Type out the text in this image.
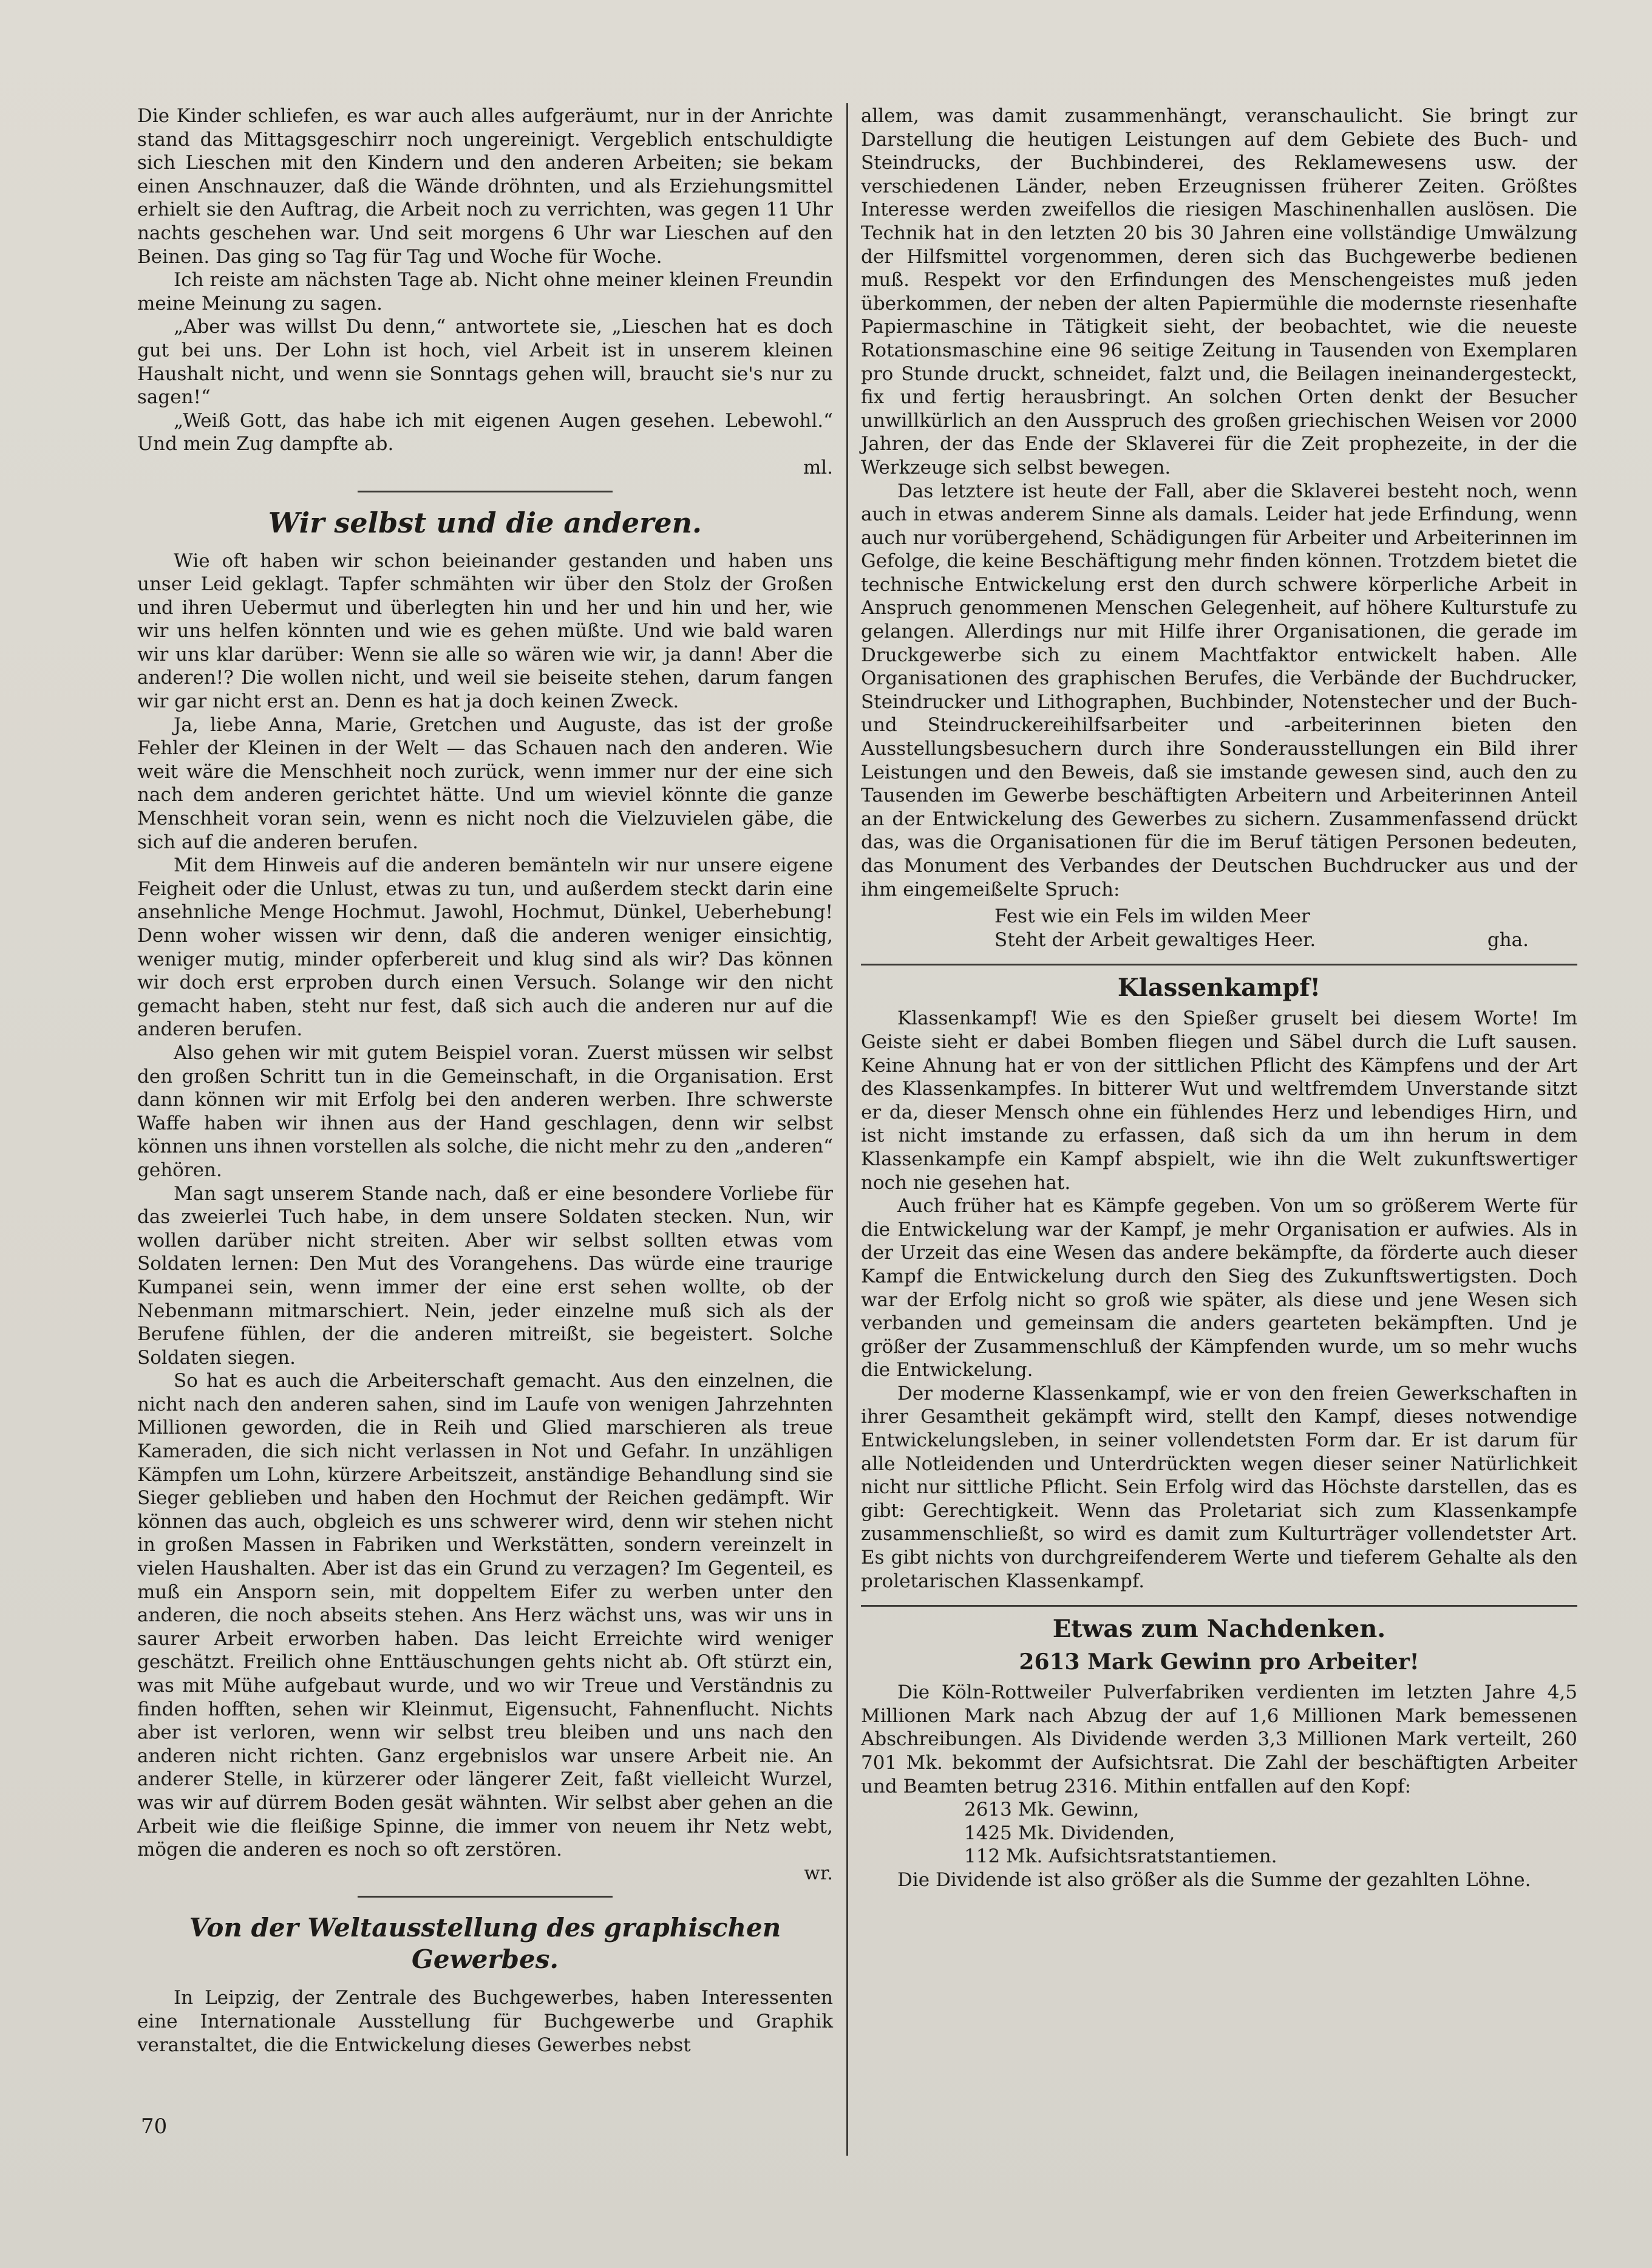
Die Kinder schliefen, es war auch alles aufgeräumt, nur in der Anrichte stand das Mittagsgeschirr noch ungereinigt. Vergeblich entschuldigte sich Lieschen mit den Kindern und den anderen Arbeiten; sie bekam einen Anschnauzer, daß die Wände dröhnten, und als Erziehungsmittel erhielt sie den Auftrag, die Arbeit noch zu verrichten, was gegen 11 Uhr nachts geschehen war. Und seit morgens 6 Uhr war Lieschen auf den Beinen. Das ging so Tag für Tag und Woche für Woche.

Ich reiste am nächsten Tage ab. Nicht ohne meiner kleinen Freundin meine Meinung zu sagen.

„Aber was willst Du denn,“ antwortete sie, „Lieschen hat es doch gut bei uns. Der Lohn ist hoch, viel Arbeit ist in unserem kleinen Haushalt nicht, und wenn sie Sonntags gehen will, braucht sie's nur zu sagen!“

„Weiß Gott, das habe ich mit eigenen Augen gesehen. Lebewohl.“ Und mein Zug dampfte ab.
ml.

Wir selbst und die anderen.

Wie oft haben wir schon beieinander gestanden und haben uns unser Leid geklagt. Tapfer schmähten wir über den Stolz der Großen und ihren Uebermut und überlegten hin und her und hin und her, wie wir uns helfen könnten und wie es gehen müßte. Und wie bald waren wir uns klar darüber: Wenn sie alle so wären wie wir, ja dann! Aber die anderen!? Die wollen nicht, und weil sie beiseite stehen, darum fangen wir gar nicht erst an. Denn es hat ja doch keinen Zweck.

Ja, liebe Anna, Marie, Gretchen und Auguste, das ist der große Fehler der Kleinen in der Welt — das Schauen nach den anderen. Wie weit wäre die Menschheit noch zurück, wenn immer nur der eine sich nach dem anderen gerichtet hätte. Und um wieviel könnte die ganze Menschheit voran sein, wenn es nicht noch die Vielzuvielen gäbe, die sich auf die anderen berufen.

Mit dem Hinweis auf die anderen bemänteln wir nur unsere eigene Feigheit oder die Unlust, etwas zu tun, und außerdem steckt darin eine ansehnliche Menge Hochmut. Jawohl, Hochmut, Dünkel, Ueberhebung! Denn woher wissen wir denn, daß die anderen weniger einsichtig, weniger mutig, minder opferbereit und klug sind als wir? Das können wir doch erst erproben durch einen Versuch. Solange wir den nicht gemacht haben, steht nur fest, daß sich auch die anderen nur auf die anderen berufen.

Also gehen wir mit gutem Beispiel voran. Zuerst müssen wir selbst den großen Schritt tun in die Gemeinschaft, in die Organisation. Erst dann können wir mit Erfolg bei den anderen werben. Ihre schwerste Waffe haben wir ihnen aus der Hand geschlagen, denn wir selbst können uns ihnen vorstellen als solche, die nicht mehr zu den „anderen“ gehören.

Man sagt unserem Stande nach, daß er eine besondere Vorliebe für das zweierlei Tuch habe, in dem unsere Soldaten stecken. Nun, wir wollen darüber nicht streiten. Aber wir selbst sollten etwas vom Soldaten lernen: Den Mut des Vorangehens. Das würde eine traurige Kumpanei sein, wenn immer der eine erst sehen wollte, ob der Nebenmann mitmarschiert. Nein, jeder einzelne muß sich als der Berufene fühlen, der die anderen mitreißt, sie begeistert. Solche Soldaten siegen.

So hat es auch die Arbeiterschaft gemacht. Aus den einzelnen, die nicht nach den anderen sahen, sind im Laufe von wenigen Jahrzehnten Millionen geworden, die in Reih und Glied marschieren als treue Kameraden, die sich nicht verlassen in Not und Gefahr. In unzähligen Kämpfen um Lohn, kürzere Arbeitszeit, anständige Behandlung sind sie Sieger geblieben und haben den Hochmut der Reichen gedämpft. Wir können das auch, obgleich es uns schwerer wird, denn wir stehen nicht in großen Massen in Fabriken und Werkstätten, sondern vereinzelt in vielen Haushalten. Aber ist das ein Grund zu verzagen? Im Gegenteil, es muß ein Ansporn sein, mit doppeltem Eifer zu werben unter den anderen, die noch abseits stehen. Ans Herz wächst uns, was wir uns in saurer Arbeit erworben haben. Das leicht Erreichte wird weniger geschätzt. Freilich ohne Enttäuschungen gehts nicht ab. Oft stürzt ein, was mit Mühe aufgebaut wurde, und wo wir Treue und Verständnis zu finden hofften, sehen wir Kleinmut, Eigensucht, Fahnenflucht. Nichts aber ist verloren, wenn wir selbst treu bleiben und uns nach den anderen nicht richten. Ganz ergebnislos war unsere Arbeit nie. An anderer Stelle, in kürzerer oder längerer Zeit, faßt vielleicht Wurzel, was wir auf dürrem Boden gesät wähnten. Wir selbst aber gehen an die Arbeit wie die fleißige Spinne, die immer von neuem ihr Netz webt, mögen die anderen es noch so oft zerstören.
wr.

Von der Weltausstellung des graphischen Gewerbes.

In Leipzig, der Zentrale des Buchgewerbes, haben Interessenten eine Internationale Ausstellung für Buchgewerbe und Graphik veranstaltet, die die Entwickelung dieses Gewerbes nebst

allem, was damit zusammenhängt, veranschaulicht. Sie bringt zur Darstellung die heutigen Leistungen auf dem Gebiete des Buch- und Steindrucks, der Buchbinderei, des Reklamewesens usw. der verschiedenen Länder, neben Erzeugnissen früherer Zeiten. Größtes Interesse werden zweifellos die riesigen Maschinenhallen auslösen. Die Technik hat in den letzten 20 bis 30 Jahren eine vollständige Umwälzung der Hilfsmittel vorgenommen, deren sich das Buchgewerbe bedienen muß. Respekt vor den Erfindungen des Menschengeistes muß jeden überkommen, der neben der alten Papiermühle die modernste riesenhafte Papiermaschine in Tätigkeit sieht, der beobachtet, wie die neueste Rotationsmaschine eine 96 seitige Zeitung in Tausenden von Exemplaren pro Stunde druckt, schneidet, falzt und, die Beilagen ineinandergesteckt, fix und fertig herausbringt. An solchen Orten denkt der Besucher unwillkürlich an den Ausspruch des großen griechischen Weisen vor 2000 Jahren, der das Ende der Sklaverei für die Zeit prophezeite, in der die Werkzeuge sich selbst bewegen.

Das letztere ist heute der Fall, aber die Sklaverei besteht noch, wenn auch in etwas anderem Sinne als damals. Leider hat jede Erfindung, wenn auch nur vorübergehend, Schädigungen für Arbeiter und Arbeiterinnen im Gefolge, die keine Beschäftigung mehr finden können. Trotzdem bietet die technische Entwickelung erst den durch schwere körperliche Arbeit in Anspruch genommenen Menschen Gelegenheit, auf höhere Kulturstufe zu gelangen. Allerdings nur mit Hilfe ihrer Organisationen, die gerade im Druckgewerbe sich zu einem Machtfaktor entwickelt haben. Alle Organisationen des graphischen Berufes, die Verbände der Buchdrucker, Steindrucker und Lithographen, Buchbinder, Notenstecher und der Buch- und Steindruckereihilfsarbeiter und -arbeiterinnen bieten den Ausstellungsbesuchern durch ihre Sonderausstellungen ein Bild ihrer Leistungen und den Beweis, daß sie imstande gewesen sind, auch den zu Tausenden im Gewerbe beschäftigten Arbeitern und Arbeiterinnen Anteil an der Entwickelung des Gewerbes zu sichern. Zusammenfassend drückt das, was die Organisationen für die im Beruf tätigen Personen bedeuten, das Monument des Verbandes der Deutschen Buchdrucker aus und der ihm eingemeißelte Spruch:

Fest wie ein Fels im wilden Meer
Steht der Arbeit gewaltiges Heer.	gha.
Klassenkampf!

Klassenkampf! Wie es den Spießer gruselt bei diesem Worte! Im Geiste sieht er dabei Bomben fliegen und Säbel durch die Luft sausen. Keine Ahnung hat er von der sittlichen Pflicht des Kämpfens und der Art des Klassenkampfes. In bitterer Wut und weltfremdem Unverstande sitzt er da, dieser Mensch ohne ein fühlendes Herz und lebendiges Hirn, und ist nicht imstande zu erfassen, daß sich da um ihn herum in dem Klassenkampfe ein Kampf abspielt, wie ihn die Welt zukunftswertiger noch nie gesehen hat.

Auch früher hat es Kämpfe gegeben. Von um so größerem Werte für die Entwickelung war der Kampf, je mehr Organisation er aufwies. Als in der Urzeit das eine Wesen das andere bekämpfte, da förderte auch dieser Kampf die Entwickelung durch den Sieg des Zukunftswertigsten. Doch war der Erfolg nicht so groß wie später, als diese und jene Wesen sich verbanden und gemeinsam die anders gearteten bekämpften. Und je größer der Zusammenschluß der Kämpfenden wurde, um so mehr wuchs die Entwickelung.

Der moderne Klassenkampf, wie er von den freien Gewerkschaften in ihrer Gesamtheit gekämpft wird, stellt den Kampf, dieses notwendige Entwickelungsleben, in seiner vollendetsten Form dar. Er ist darum für alle Notleidenden und Unterdrückten wegen dieser seiner Natürlichkeit nicht nur sittliche Pflicht. Sein Erfolg wird das Höchste darstellen, das es gibt: Gerechtigkeit. Wenn das Proletariat sich zum Klassenkampfe zusammenschließt, so wird es damit zum Kulturträger vollendetster Art. Es gibt nichts von durchgreifenderem Werte und tieferem Gehalte als den proletarischen Klassenkampf.

Etwas zum Nachdenken.
2613 Mark Gewinn pro Arbeiter!

Die Köln-Rottweiler Pulverfabriken verdienten im letzten Jahre 4,5 Millionen Mark nach Abzug der auf 1,6 Millionen Mark bemessenen Abschreibungen. Als Dividende werden 3,3 Millionen Mark verteilt, 260 701 Mk. bekommt der Aufsichtsrat. Die Zahl der beschäftigten Arbeiter und Beamten betrug 2316. Mithin entfallen auf den Kopf:

2613 Mk. Gewinn,
1425 Mk. Dividenden,
112 Mk. Aufsichtsratstantiemen.

Die Dividende ist also größer als die Summe der gezahlten Löhne.

70
